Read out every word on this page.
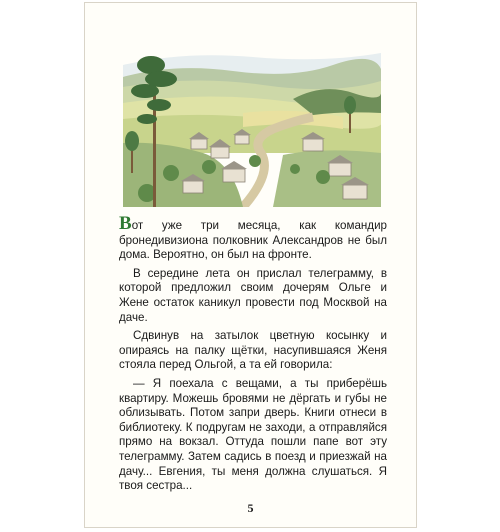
Вот уже три месяца, как командир бронедивизиона полковник Александров не был дома. Вероятно, он был на фронте.

В середине лета он прислал телеграмму, в которой предложил своим дочерям Ольге и Жене остаток каникул провести под Москвой на даче.

Сдвинув на затылок цветную косынку и опираясь на палку щётки, насупившаяся Женя стояла перед Ольгой, а та ей говорила:

— Я поехала с вещами, а ты приберёшь квартиру. Можешь бровями не дёргать и губы не облизывать. Потом запри дверь. Книги отнеси в библиотеку. К подругам не заходи, а отправляйся прямо на вокзал. Оттуда пошли папе вот эту телеграмму. Затем садись в поезд и приезжай на дачу... Евгения, ты меня должна слушаться. Я твоя сестра...

5
